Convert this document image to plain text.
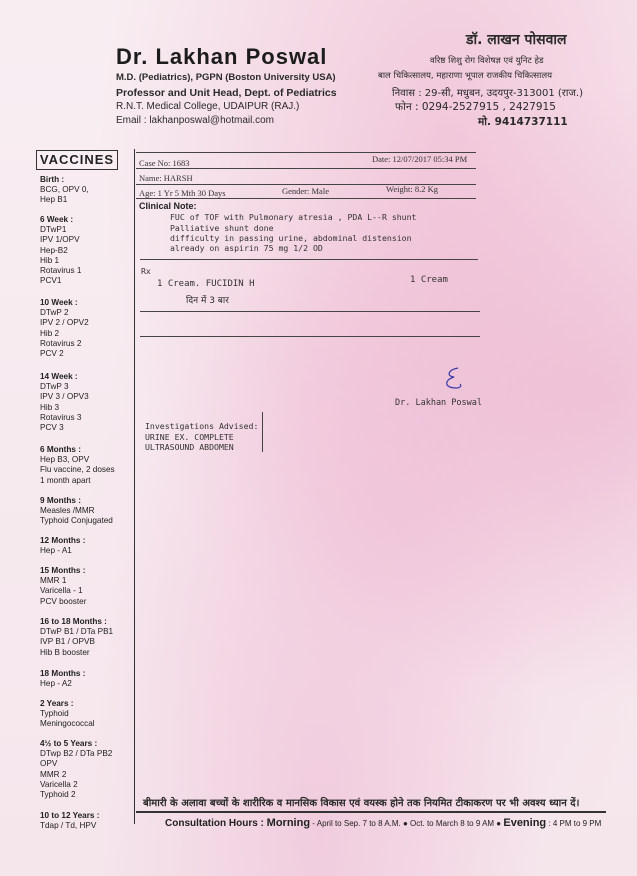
Dr. Lakhan Poswal
M.D. (Pediatrics), PGPN (Boston University USA)
Professor and Unit Head, Dept. of Pediatrics
R.N.T. Medical College, UDAIPUR (RAJ.)
Email : lakhanposwal@hotmail.com
डॉ. लाखन पोसवाल
वरिष्ठ शिशु रोग विशेषज्ञ एवं युनिट हेड
बाल चिकित्सालय, महाराणा भूपाल राजकीय चिकित्सालय
निवास : 29-सी, मधुबन, उदयपुर-313001 (राज.)
फोन : 0294-2527915 , 2427915
मो. 9414737111
VACCINES
Birth :
BCG, OPV 0,
Hep B1
6 Week :
DTwP1
IPV 1/OPV
Hep-B2
Hib 1
Rotavirus 1
PCV1
10 Week :
DTwP 2
IPV 2 / OPV2
Hib 2
Rotavirus 2
PCV 2
14 Week :
DTwP 3
IPV 3 / OPV3
Hib 3
Rotavirus 3
PCV 3
6 Months :
Hep B3, OPV
Flu vaccine, 2 doses
1 month apart
9 Months :
Measles /MMR
Typhoid Conjugated
12 Months :
Hep - A1
15 Months :
MMR 1
Varicella - 1
PCV booster
16 to 18 Months :
DTwP B1 / DTa PB1
IVP B1 / OPVB
Hib B booster
18 Months :
Hep - A2
2 Years :
Typhoid
Meningococcal
4½ to 5 Years :
DTwp B2 / DTa PB2
OPV
MMR 2
Varicella 2
Typhoid 2
10 to 12 Years :
Tdap / Td, HPV
Case No: 1683	Date: 12/07/2017 05:34 PM
Name: HARSH
Age: 1 Yr 5 Mth 30 Days	Gender: Male	Weight: 8.2 Kg
Clinical Note:
FUC of TOF with Pulmonary atresia , PDA L--R shunt
Palliative shunt done
difficulty in passing urine, abdominal distension
already on aspirin 75 mg 1/2 OD
Rx
1 Cream. FUCIDIN H	1 Cream
दिन में 3 बार
Dr. Lakhan Poswal
Investigations Advised:
URINE EX. COMPLETE
ULTRASOUND ABDOMEN
बीमारी के अलावा बच्चों के शारीरिक व मानसिक विकास एवं वयस्क होने तक नियमित टीकाकरण पर भी अवश्य ध्यान दें।
Consultation Hours : Morning - April to Sep. 7 to 8 A.M. ● Oct. to March 8 to 9 AM ● Evening : 4 PM to 9 PM
